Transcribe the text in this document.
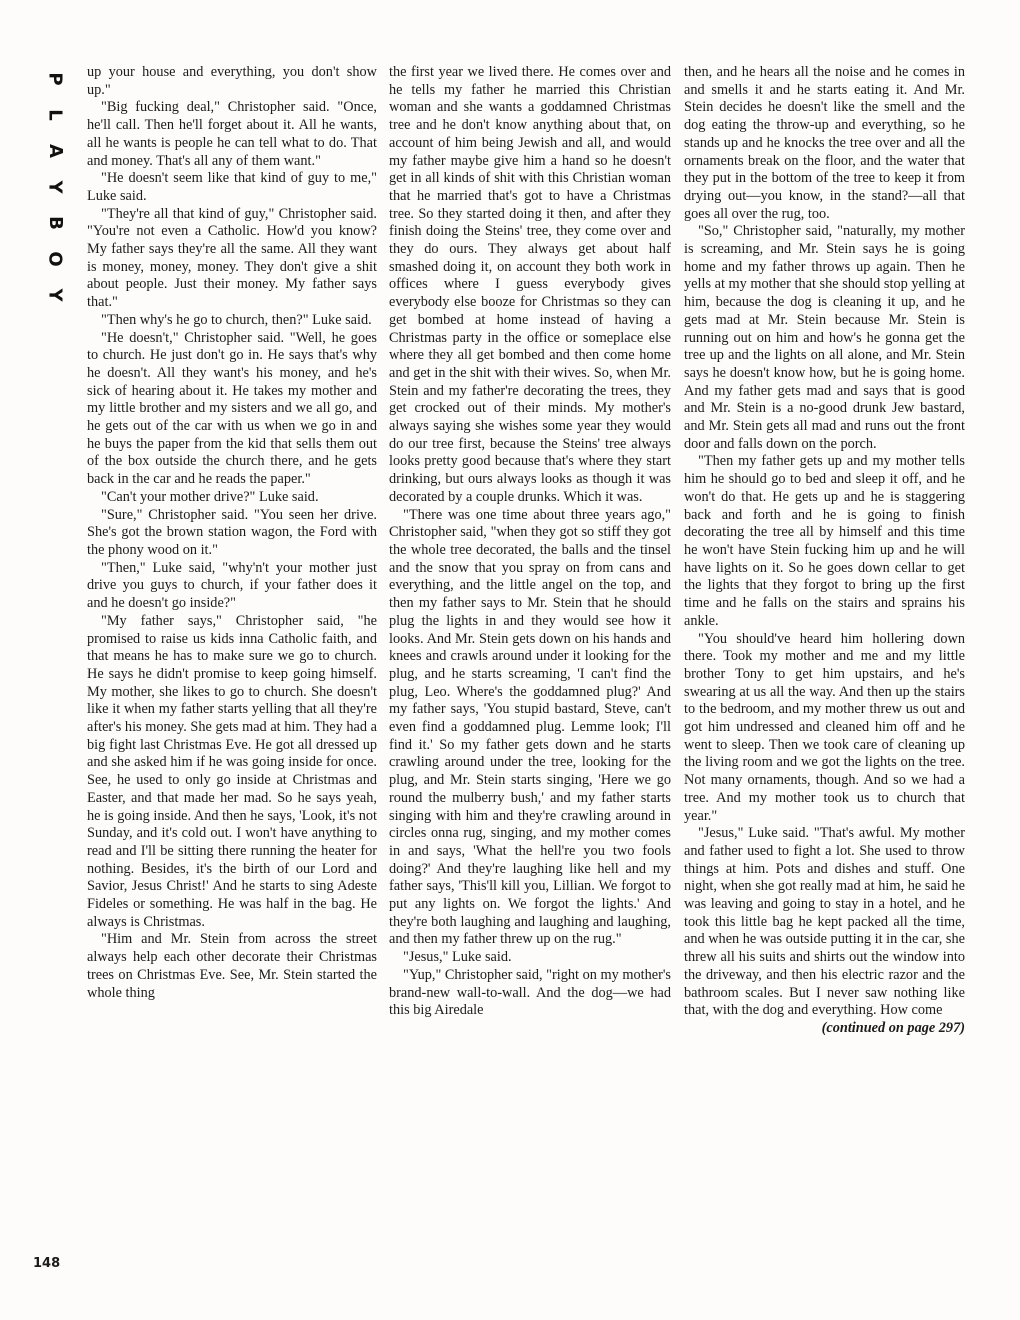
P
L
A
Y
B
O
Y

up your house and everything, you don't show up."

"Big fucking deal," Christopher said. "Once, he'll call. Then he'll forget about it. All he wants, all he wants is people he can tell what to do. That and money. That's all any of them want."

"He doesn't seem like that kind of guy to me," Luke said.

"They're all that kind of guy," Christopher said. "You're not even a Catholic. How'd you know? My father says they're all the same. All they want is money, money, money. They don't give a shit about people. Just their money. My father says that."

"Then why's he go to church, then?" Luke said.

"He doesn't," Christopher said. "Well, he goes to church. He just don't go in. He says that's why he doesn't. All they want's his money, and he's sick of hearing about it. He takes my mother and my little brother and my sisters and we all go, and he gets out of the car with us when we go in and he buys the paper from the kid that sells them out of the box outside the church there, and he gets back in the car and he reads the paper."

"Can't your mother drive?" Luke said.

"Sure," Christopher said. "You seen her drive. She's got the brown station wagon, the Ford with the phony wood on it."

"Then," Luke said, "why'n't your mother just drive you guys to church, if your father does it and he doesn't go inside?"

"My father says," Christopher said, "he promised to raise us kids inna Catholic faith, and that means he has to make sure we go to church. He says he didn't promise to keep going himself. My mother, she likes to go to church. She doesn't like it when my father starts yelling that all they're after's his money. She gets mad at him. They had a big fight last Christmas Eve. He got all dressed up and she asked him if he was going inside for once. See, he used to only go inside at Christmas and Easter, and that made her mad. So he says yeah, he is going inside. And then he says, 'Look, it's not Sunday, and it's cold out. I won't have anything to read and I'll be sitting there running the heater for nothing. Besides, it's the birth of our Lord and Savior, Jesus Christ!' And he starts to sing Adeste Fideles or something. He was half in the bag. He always is Christmas.

"Him and Mr. Stein from across the street always help each other decorate their Christmas trees on Christmas Eve. See, Mr. Stein started the whole thing

the first year we lived there. He comes over and he tells my father he married this Christian woman and she wants a goddamned Christmas tree and he don't know anything about that, on account of him being Jewish and all, and would my father maybe give him a hand so he doesn't get in all kinds of shit with this Christian woman that he married that's got to have a Christmas tree. So they started doing it then, and after they finish doing the Steins' tree, they come over and they do ours. They always get about half smashed doing it, on account they both work in offices where I guess everybody gives everybody else booze for Christmas so they can get bombed at home instead of having a Christmas party in the office or someplace else where they all get bombed and then come home and get in the shit with their wives. So, when Mr. Stein and my father're decorating the trees, they get crocked out of their minds. My mother's always saying she wishes some year they would do our tree first, because the Steins' tree always looks pretty good because that's where they start drinking, but ours always looks as though it was decorated by a couple drunks. Which it was.

"There was one time about three years ago," Christopher said, "when they got so stiff they got the whole tree decorated, the balls and the tinsel and the snow that you spray on from cans and everything, and the little angel on the top, and then my father says to Mr. Stein that he should plug the lights in and they would see how it looks. And Mr. Stein gets down on his hands and knees and crawls around under it looking for the plug, and he starts screaming, 'I can't find the plug, Leo. Where's the goddamned plug?' And my father says, 'You stupid bastard, Steve, can't even find a goddamned plug. Lemme look; I'll find it.' So my father gets down and he starts crawling around under the tree, looking for the plug, and Mr. Stein starts singing, 'Here we go round the mulberry bush,' and my father starts singing with him and they're crawling around in circles onna rug, singing, and my mother comes in and says, 'What the hell're you two fools doing?' And they're laughing like hell and my father says, 'This'll kill you, Lillian. We forgot to put any lights on. We forgot the lights.' And they're both laughing and laughing and laughing, and then my father threw up on the rug."

"Jesus," Luke said.

"Yup," Christopher said, "right on my mother's brand-new wall-to-wall. And the dog—we had this big Airedale

then, and he hears all the noise and he comes in and smells it and he starts eating it. And Mr. Stein decides he doesn't like the smell and the dog eating the throw-up and everything, so he stands up and he knocks the tree over and all the ornaments break on the floor, and the water that they put in the bottom of the tree to keep it from drying out—you know, in the stand?—all that goes all over the rug, too.

"So," Christopher said, "naturally, my mother is screaming, and Mr. Stein says he is going home and my father throws up again. Then he yells at my mother that she should stop yelling at him, because the dog is cleaning it up, and he gets mad at Mr. Stein because Mr. Stein is running out on him and how's he gonna get the tree up and the lights on all alone, and Mr. Stein says he doesn't know how, but he is going home. And my father gets mad and says that is good and Mr. Stein is a no-good drunk Jew bastard, and Mr. Stein gets all mad and runs out the front door and falls down on the porch.

"Then my father gets up and my mother tells him he should go to bed and sleep it off, and he won't do that. He gets up and he is staggering back and forth and he is going to finish decorating the tree all by himself and this time he won't have Stein fucking him up and he will have lights on it. So he goes down cellar to get the lights that they forgot to bring up the first time and he falls on the stairs and sprains his ankle.

"You should've heard him hollering down there. Took my mother and me and my little brother Tony to get him upstairs, and he's swearing at us all the way. And then up the stairs to the bedroom, and my mother threw us out and got him undressed and cleaned him off and he went to sleep. Then we took care of cleaning up the living room and we got the lights on the tree. Not many ornaments, though. And so we had a tree. And my mother took us to church that year."

"Jesus," Luke said. "That's awful. My mother and father used to fight a lot. She used to throw things at him. Pots and dishes and stuff. One night, when she got really mad at him, he said he was leaving and going to stay in a hotel, and he took this little bag he kept packed all the time, and when he was outside putting it in the car, she threw all his suits and shirts out the window into the driveway, and then his electric razor and the bathroom scales. But I never saw nothing like that, with the dog and everything. How come

(continued on page 297)

148
